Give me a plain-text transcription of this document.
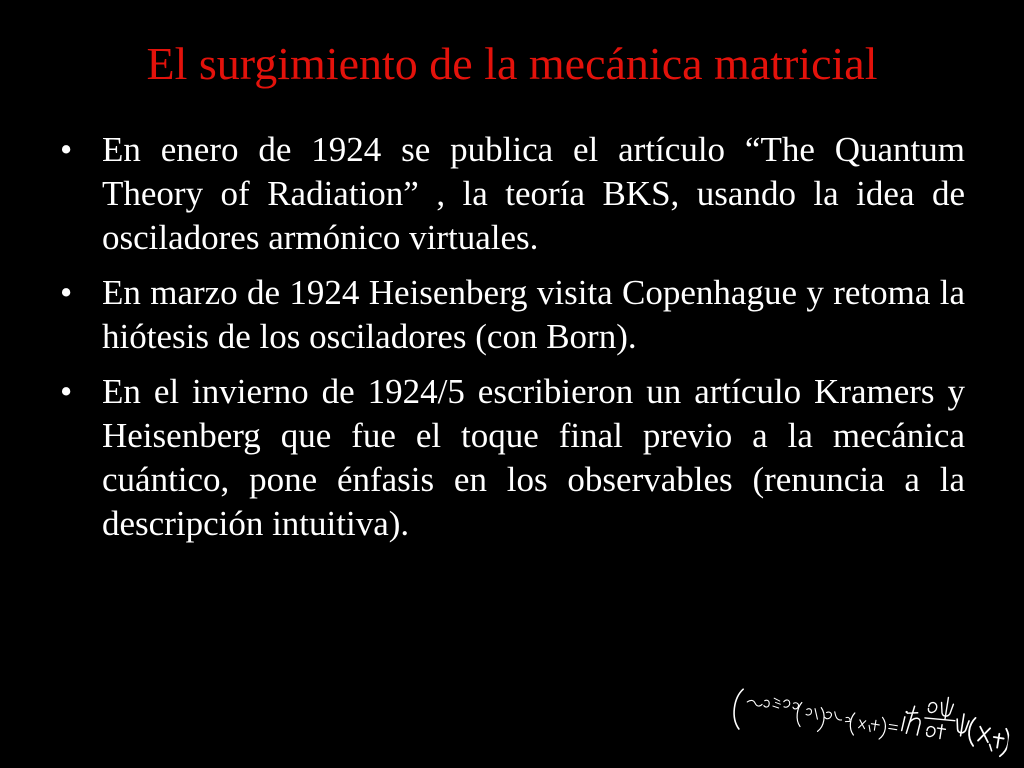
El surgimiento de la mecánica matricial
• En enero de 1924 se publica el artículo “The Quantum Theory of Radiation” , la teoría BKS, usando la idea de osciladores armónico virtuales.
• En marzo de 1924 Heisenberg visita Copenhague y retoma la hiótesis de los osciladores (con Born).
• En el invierno de 1924/5 escribieron un artículo Kramers y Heisenberg que fue el toque final previo a la mecánica cuántico, pone énfasis en los observables (renuncia a la descripción intuitiva).
